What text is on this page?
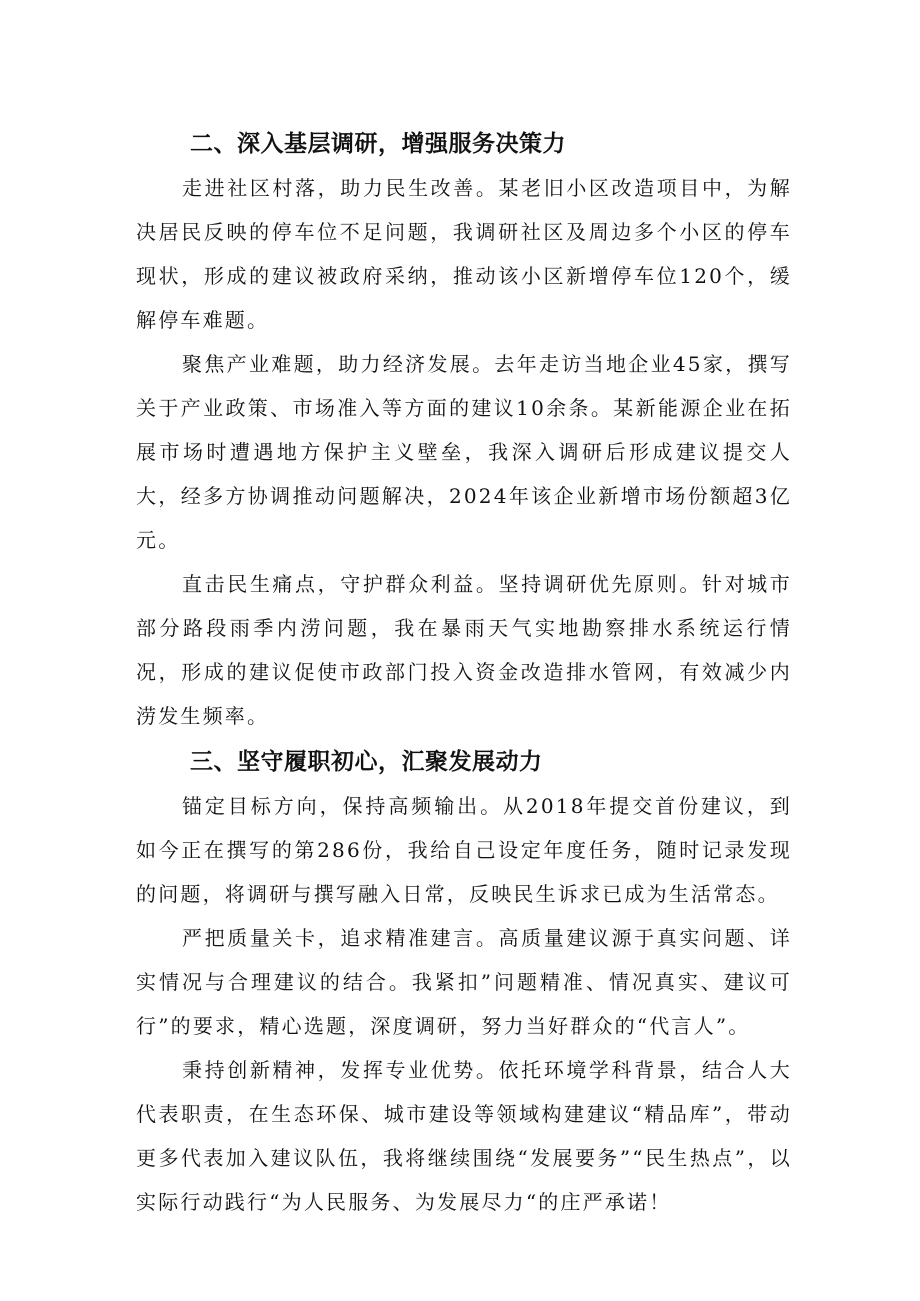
二、深入基层调研，增强服务决策力

走进社区村落，助力民生改善。某老旧小区改造项目中，为解决居民反映的停车位不足问题，我调研社区及周边多个小区的停车现状，形成的建议被政府采纳，推动该小区新增停车位120个，缓解停车难题。

聚焦产业难题，助力经济发展。去年走访当地企业45家，撰写关于产业政策、市场准入等方面的建议10余条。某新能源企业在拓展市场时遭遇地方保护主义壁垒，我深入调研后形成建议提交人大，经多方协调推动问题解决，2024年该企业新增市场份额超3亿元。

直击民生痛点，守护群众利益。坚持调研优先原则。针对城市部分路段雨季内涝问题，我在暴雨天气实地勘察排水系统运行情况，形成的建议促使市政部门投入资金改造排水管网，有效减少内涝发生频率。

三、坚守履职初心，汇聚发展动力

锚定目标方向，保持高频输出。从2018年提交首份建议，到如今正在撰写的第286份，我给自己设定年度任务，随时记录发现的问题，将调研与撰写融入日常，反映民生诉求已成为生活常态。

严把质量关卡，追求精准建言。高质量建议源于真实问题、详实情况与合理建议的结合。我紧扣”问题精准、情况真实、建议可行”的要求，精心选题，深度调研，努力当好群众的“代言人”。

秉持创新精神，发挥专业优势。依托环境学科背景，结合人大代表职责，在生态环保、城市建设等领域构建建议“精品库”，带动更多代表加入建议队伍，我将继续围绕“发展要务”“民生热点”，以实际行动践行“为人民服务、为发展尽力“的庄严承诺！
